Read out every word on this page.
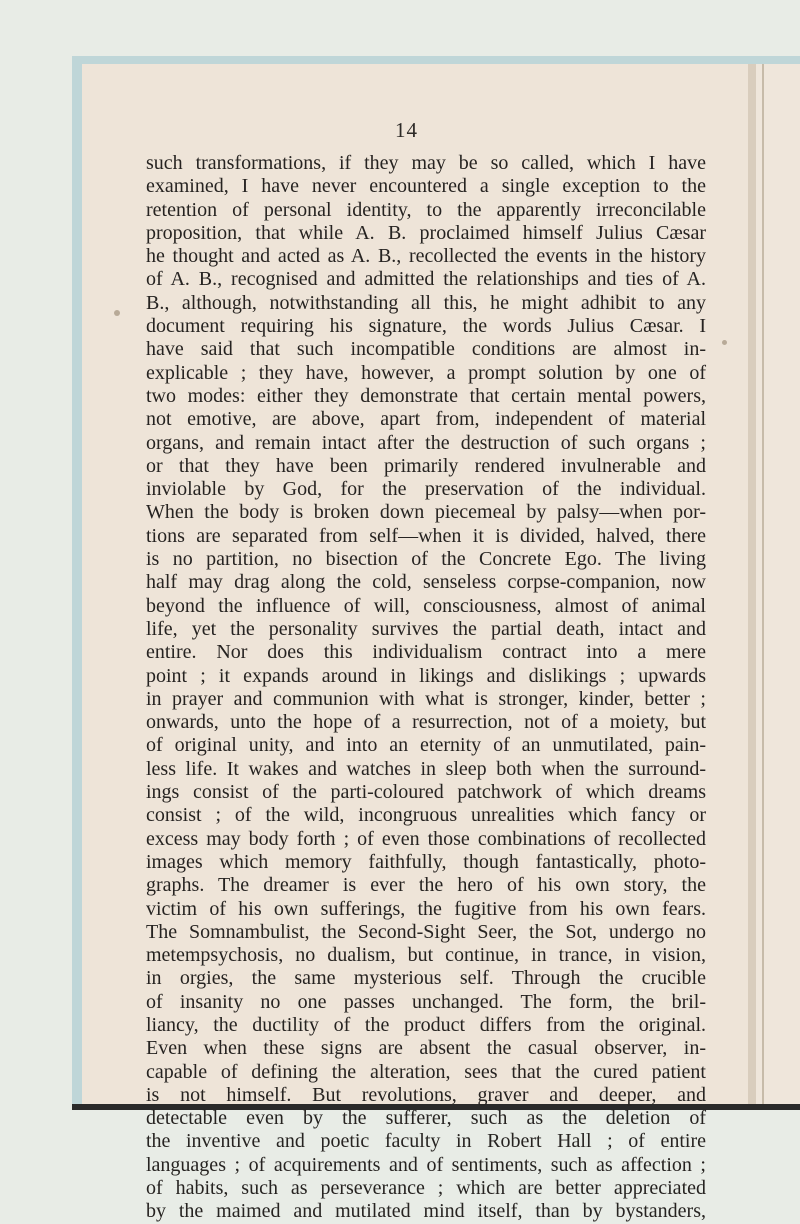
14
such transformations, if they may be so called, which I have
examined, I have never encountered a single exception to the
retention of personal identity, to the apparently irreconcilable
proposition, that while A. B. proclaimed himself Julius Cæsar
he thought and acted as A. B., recollected the events in the history
of A. B., recognised and admitted the relationships and ties of A.
B., although, notwithstanding all this, he might adhibit to any
document requiring his signature, the words Julius Cæsar. I
have said that such incompatible conditions are almost in-
explicable ; they have, however, a prompt solution by one of
two modes: either they demonstrate that certain mental powers,
not emotive, are above, apart from, independent of material
organs, and remain intact after the destruction of such organs ;
or that they have been primarily rendered invulnerable and
inviolable by God, for the preservation of the individual.
When the body is broken down piecemeal by palsy—when por-
tions are separated from self—when it is divided, halved, there
is no partition, no bisection of the Concrete Ego. The living
half may drag along the cold, senseless corpse-companion, now
beyond the influence of will, consciousness, almost of animal
life, yet the personality survives the partial death, intact and
entire. Nor does this individualism contract into a mere
point ; it expands around in likings and dislikings ; upwards
in prayer and communion with what is stronger, kinder, better ;
onwards, unto the hope of a resurrection, not of a moiety, but
of original unity, and into an eternity of an unmutilated, pain-
less life. It wakes and watches in sleep both when the surround-
ings consist of the parti-coloured patchwork of which dreams
consist ; of the wild, incongruous unrealities which fancy or
excess may body forth ; of even those combinations of recollected
images which memory faithfully, though fantastically, photo-
graphs. The dreamer is ever the hero of his own story, the
victim of his own sufferings, the fugitive from his own fears.
The Somnambulist, the Second-Sight Seer, the Sot, undergo no
metempsychosis, no dualism, but continue, in trance, in vision,
in orgies, the same mysterious self. Through the crucible
of insanity no one passes unchanged. The form, the bril-
liancy, the ductility of the product differs from the original.
Even when these signs are absent the casual observer, in-
capable of defining the alteration, sees that the cured patient
is not himself. But revolutions, graver and deeper, and
detectable even by the sufferer, such as the deletion of
the inventive and poetic faculty in Robert Hall ; of entire
languages ; of acquirements and of sentiments, such as affection ;
of habits, such as perseverance ; which are better appreciated
by the maimed and mutilated mind itself, than by bystanders,
